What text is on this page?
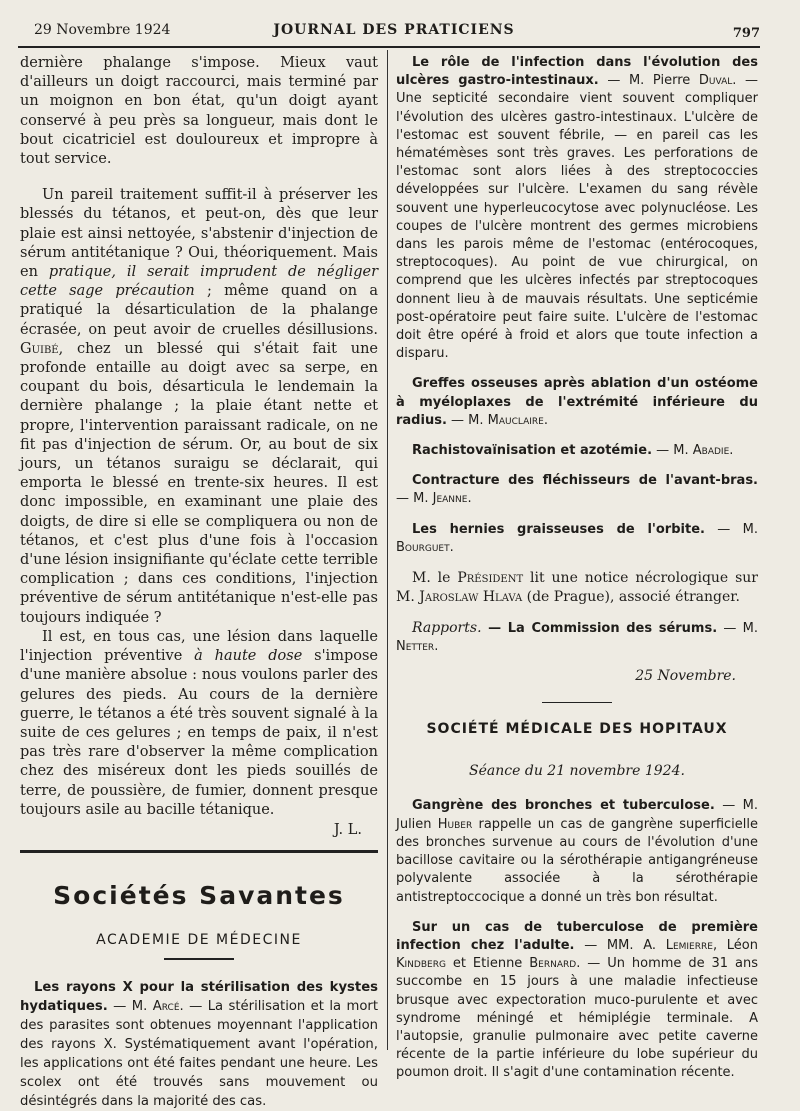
29 Novembre 1924	JOURNAL DES PRATICIENS	797

dernière phalange s'impose. Mieux vaut d'ailleurs un doigt raccourci, mais terminé par un moignon en bon état, qu'un doigt ayant conservé à peu près sa longueur, mais dont le bout cicatriciel est douloureux et impropre à tout service.

Un pareil traitement suffit-il à préserver les blessés du tétanos, et peut-on, dès que leur plaie est ainsi nettoyée, s'abstenir d'injection de sérum antitétanique ? Oui, théoriquement. Mais en pratique, il serait imprudent de négliger cette sage précaution ; même quand on a pratiqué la désarticulation de la phalange écrasée, on peut avoir de cruelles désillusions. Guibé, chez un blessé qui s'était fait une profonde entaille au doigt avec sa serpe, en coupant du bois, désarticula le lendemain la dernière phalange ; la plaie étant nette et propre, l'intervention paraissant radicale, on ne fit pas d'injection de sérum. Or, au bout de six jours, un tétanos suraigu se déclarait, qui emporta le blessé en trente-six heures. Il est donc impossible, en examinant une plaie des doigts, de dire si elle se compliquera ou non de tétanos, et c'est plus d'une fois à l'occasion d'une lésion insignifiante qu'éclate cette terrible complication ; dans ces conditions, l'injection préventive de sérum antitétanique n'est-elle pas toujours indiquée ?

Il est, en tous cas, une lésion dans laquelle l'injection préventive à haute dose s'impose d'une manière absolue : nous voulons parler des gelures des pieds. Au cours de la dernière guerre, le tétanos a été très souvent signalé à la suite de ces gelures ; en temps de paix, il n'est pas très rare d'observer la même complication chez des miséreux dont les pieds souillés de terre, de poussière, de fumier, donnent presque toujours asile au bacille tétanique.

J. L.
Sociétés Savantes
ACADEMIE DE MÉDECINE

Les rayons X pour la stérilisation des kystes hydatiques. — M. Arcé. — La stérilisation et la mort des parasites sont obtenues moyennant l'application des rayons X. Systématiquement avant l'opération, les applications ont été faites pendant une heure. Les scolex ont été trouvés sans mouvement ou désintégrés dans la majorité des cas.

Le rôle de l'infection dans l'évolution des ulcères gastro-intestinaux. — M. Pierre Duval. — Une septicité secondaire vient souvent compliquer l'évolution des ulcères gastro-intestinaux. L'ulcère de l'estomac est souvent fébrile, — en pareil cas les hématémèses sont très graves. Les perforations de l'estomac sont alors liées à des streptococcies développées sur l'ulcère. L'examen du sang révèle souvent une hyperleucocytose avec polynucléose. Les coupes de l'ulcère montrent des germes microbiens dans les parois même de l'estomac (entérocoques, streptocoques). Au point de vue chirurgical, on comprend que les ulcères infectés par streptocoques donnent lieu à de mauvais résultats. Une septicémie post-opératoire peut faire suite. L'ulcère de l'estomac doit être opéré à froid et alors que toute infection a disparu.

Greffes osseuses après ablation d'un ostéome à myéloplaxes de l'extrémité inférieure du radius. — M. Mauclaire.

Rachistovaïnisation et azotémie. — M. Abadie.

Contracture des fléchisseurs de l'avant-bras. — M. Jeanne.

Les hernies graisseuses de l'orbite. — M. Bourguet.

M. le Président lit une notice nécrologique sur M. Jaroslaw Hlava (de Prague), associé étranger.

Rapports. — La Commission des sérums. — M. Netter.

25 Novembre.
SOCIÉTÉ MÉDICALE DES HOPITAUX
Séance du 21 novembre 1924.

Gangrène des bronches et tuberculose. — M. Julien Huber rappelle un cas de gangrène superficielle des bronches survenue au cours de l'évolution d'une bacillose cavitaire ou la sérothérapie antigangréneuse polyvalente associée à la sérothérapie antistreptoccocique a donné un très bon résultat.

Sur un cas de tuberculose de première infection chez l'adulte. — MM. A. Lemierre, Léon Kindberg et Etienne Bernard. — Un homme de 31 ans succombe en 15 jours à une maladie infectieuse brusque avec expectoration muco-purulente et avec syndrome méningé et hémiplégie terminale. A l'autopsie, granulie pulmonaire avec petite caverne récente de la partie inférieure du lobe supérieur du poumon droit. Il s'agit d'une contamination récente.
